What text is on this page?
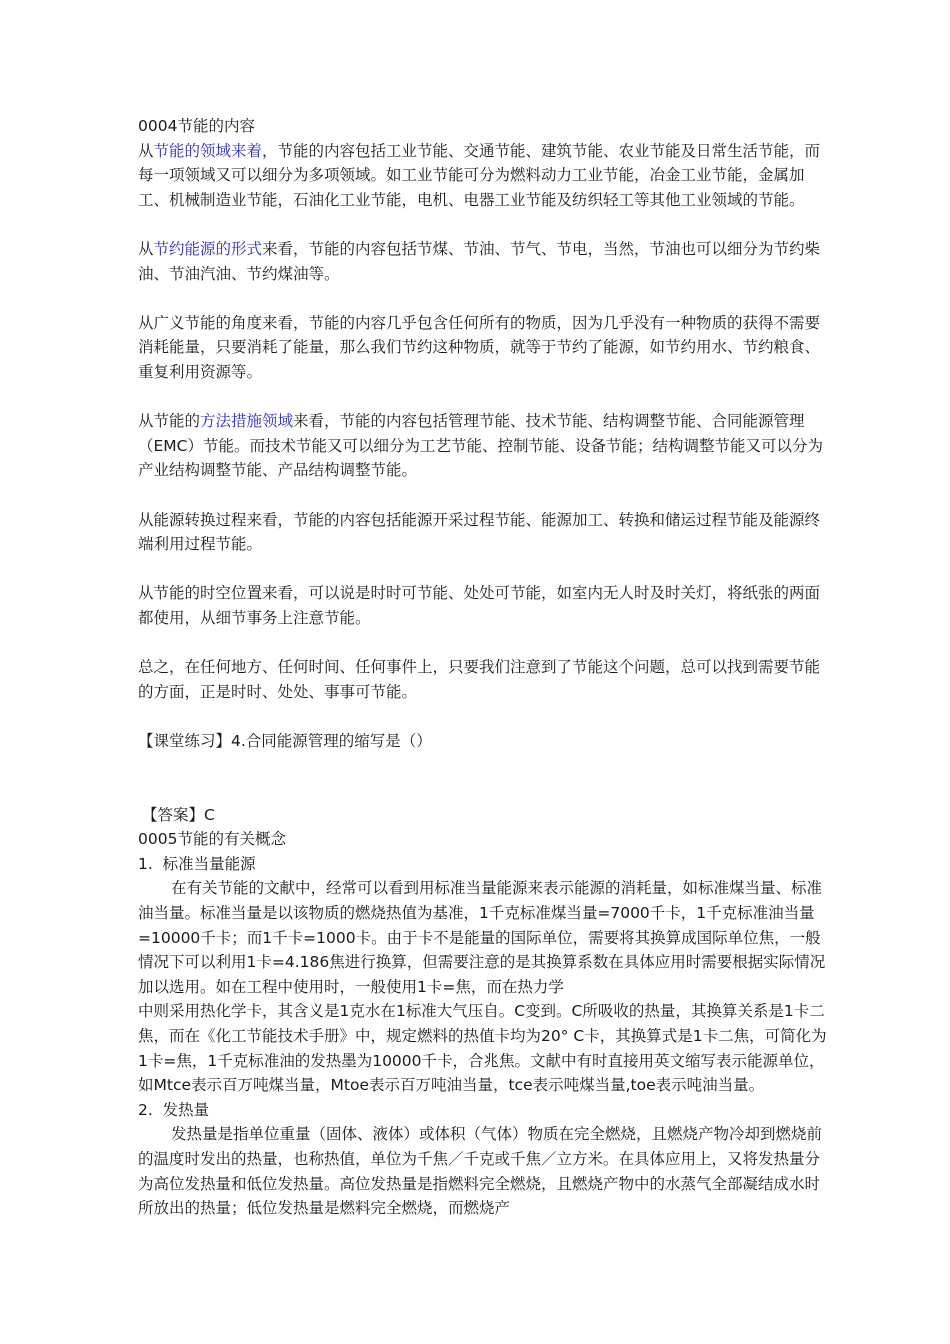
0004节能的内容

从节能的领域来着，节能的内容包括工业节能、交通节能、建筑节能、农业节能及日常生活节能，而每一项领域又可以细分为多项领域。如工业节能可分为燃料动力工业节能，冶金工业节能，金属加工、机械制造业节能，石油化工业节能，电机、电器工业节能及纺织轻工等其他工业领域的节能。

从节约能源的形式来看，节能的内容包括节煤、节油、节气、节电，当然，节油也可以细分为节约柴油、节油汽油、节约煤油等。

从广义节能的角度来看，节能的内容几乎包含任何所有的物质，因为几乎没有一种物质的获得不需要消耗能量，只要消耗了能量，那么我们节约这种物质，就等于节约了能源，如节约用水、节约粮食、重复利用资源等。

从节能的方法措施领域来看，节能的内容包括管理节能、技术节能、结构调整节能、合同能源管理（EMC）节能。而技术节能又可以细分为工艺节能、控制节能、设备节能；结构调整节能又可以分为产业结构调整节能、产品结构调整节能。

从能源转换过程来看，节能的内容包括能源开采过程节能、能源加工、转换和储运过程节能及能源终端利用过程节能。

从节能的时空位置来看，可以说是时时可节能、处处可节能，如室内无人时及时关灯，将纸张的两面都使用，从细节事务上注意节能。

总之，在任何地方、任何时间、任何事件上，只要我们注意到了节能这个问题，总可以找到需要节能的方面，正是时时、处处、事事可节能。

【课堂练习】4.合同能源管理的缩写是（）

【答案】C

0005节能的有关概念

1.  标准当量能源

在有关节能的文献中，经常可以看到用标准当量能源来表示能源的消耗量，如标准煤当量、标准油当量。标准当量是以该物质的燃烧热值为基准，1千克标准煤当量=7000千卡，1千克标准油当量=10000千卡；而1千卡=1000卡。由于卡不是能量的国际单位，需要将其换算成国际单位焦，一般情况下可以利用1卡=4.186焦进行换算，但需要注意的是其换算系数在具体应用时需要根据实际情况加以选用。如在工程中使用时，一般使用1卡=焦，而在热力学

中则采用热化学卡，其含义是1克水在1标准大气压自。C变到。C所吸收的热量，其换算关系是1卡二焦，而在《化工节能技术手册》中，规定燃料的热值卡均为20° C卡，其换算式是1卡二焦，可简化为1卡=焦，1千克标准油的发热墨为10000千卡，合兆焦。文献中有时直接用英文缩写表示能源单位，如Mtce表示百万吨煤当量，Mtoe表示百万吨油当量，tce表示吨煤当量,toe表示吨油当量。

2.  发热量

发热量是指单位重量（固体、液体）或体积（气体）物质在完全燃烧，且燃烧产物冷却到燃烧前的温度时发出的热量，也称热值，单位为千焦／千克或千焦／立方米。在具体应用上，又将发热量分为高位发热量和低位发热量。高位发热量是指燃料完全燃烧，且燃烧产物中的水蒸气全部凝结成水时所放出的热量；低位发热量是燃料完全燃烧，而燃烧产
